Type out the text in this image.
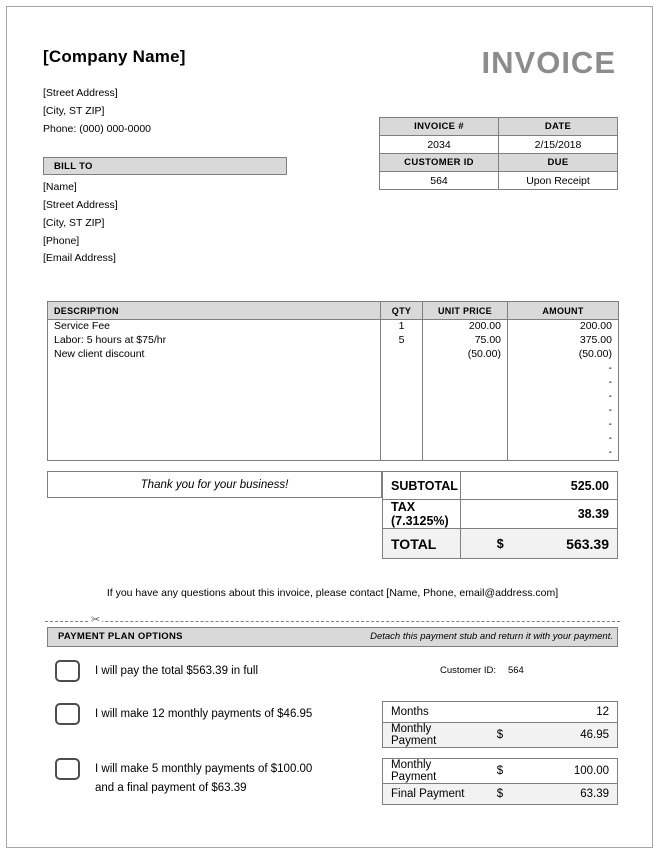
[Company Name]	INVOICE
[Street Address]
[City, ST ZIP]
Phone: (000) 000-0000
BILL TO
[Name]
[Street Address]
[City, ST ZIP]
[Phone]
[Email Address]
INVOICE #	DATE
2034	2/15/2018
CUSTOMER ID	DUE
564	Upon Receipt
DESCRIPTION	QTY	UNIT PRICE	AMOUNT
Service Fee	1	200.00	200.00
Labor: 5 hours at $75/hr	5	75.00	375.00
New client discount		(50.00)	(50.00)
			-
			-
			-
			-
			-
			-
			-
Thank you for your business!	SUBTOTAL		525.00
TAX (7.3125%)		38.39
TOTAL	$	563.39
If you have any questions about this invoice, please contact [Name, Phone, email@address.com]
✂
PAYMENT PLAN OPTIONS	Detach this payment stub and return it with your payment.
I will pay the total $563.39 in full
I will make 12 monthly payments of $46.95
I will make 5 monthly payments of $100.00
and a final payment of $63.39
Customer ID: 564
Months		12
Monthly Payment	$	46.95
Monthly Payment	$	100.00
Final Payment	$	63.39
